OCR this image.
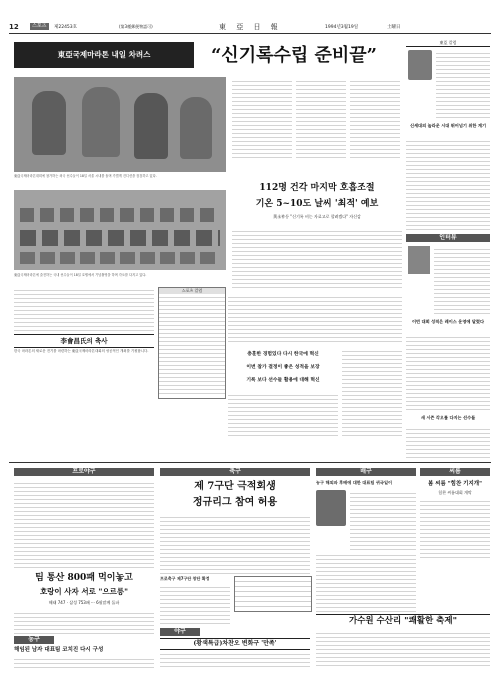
12	스포츠	제22453호	(第3種郵便物認可)	東 亞 日 報	1994년3월19일	土曜日
東亞국제마라톤 내일 차려스	“신기록수립 준비끝”
東亞국제마라톤대회에 참가하는 외국 선수들이 18일 서울 시내를 돌며 가볍게 컨디션을 점검하고 있다.
112명 건각 마지막 호흡조절
기온 5~10도 날씨 '최적' 예보
黃永祚등 "신기록 비는 자료고로 할려겠다" 자신감
東亞국제마라톤에 출전하는 국내 선수들이 18일 호텔에서 기념촬영을 하며 각오를 다지고 있다.
李會昌氏의 축사
한국 마라톤의 새로운 전기를 마련하는 東亞국제마라톤대회의 성공적인 개최를 기원합니다.
스포츠 칼럼
충훈한 경험있다 다시 한국에 혁신
이번 참가 결정이 좋은 성적을 보장
기록 보다 선수들 활용에 대해 혁신
東亞 칼럼
신세대의 놀라운 시대 뛰어넘기 위한 계기
인터뷰
이번 대회 성적은 레이스 운영에 달렸다
새 시즌 각오를 다지는 선수들
프로야구
팀 통산 800패 먹이놓고
호랑이 사자 서로 "으르릉"
해태 747 · 삼성 753패 ··· 6월말께 돌파
농구
해임된 남자 대표팀 코치진 다시 구성
축구
제 7구단 극적회생
정규리그 참여 허용
프로축구 제7구단 창단 확정
야구
(황색특급)차찬오 변화구 '만족'
배구
농구 해외파 후배에 대한 대표팀 귀국일이
씨름
봄 씨름 "힘찬 기지개"
힘찬 씨름대회 개막
가수원 수산리 "쾌활한 축제"
